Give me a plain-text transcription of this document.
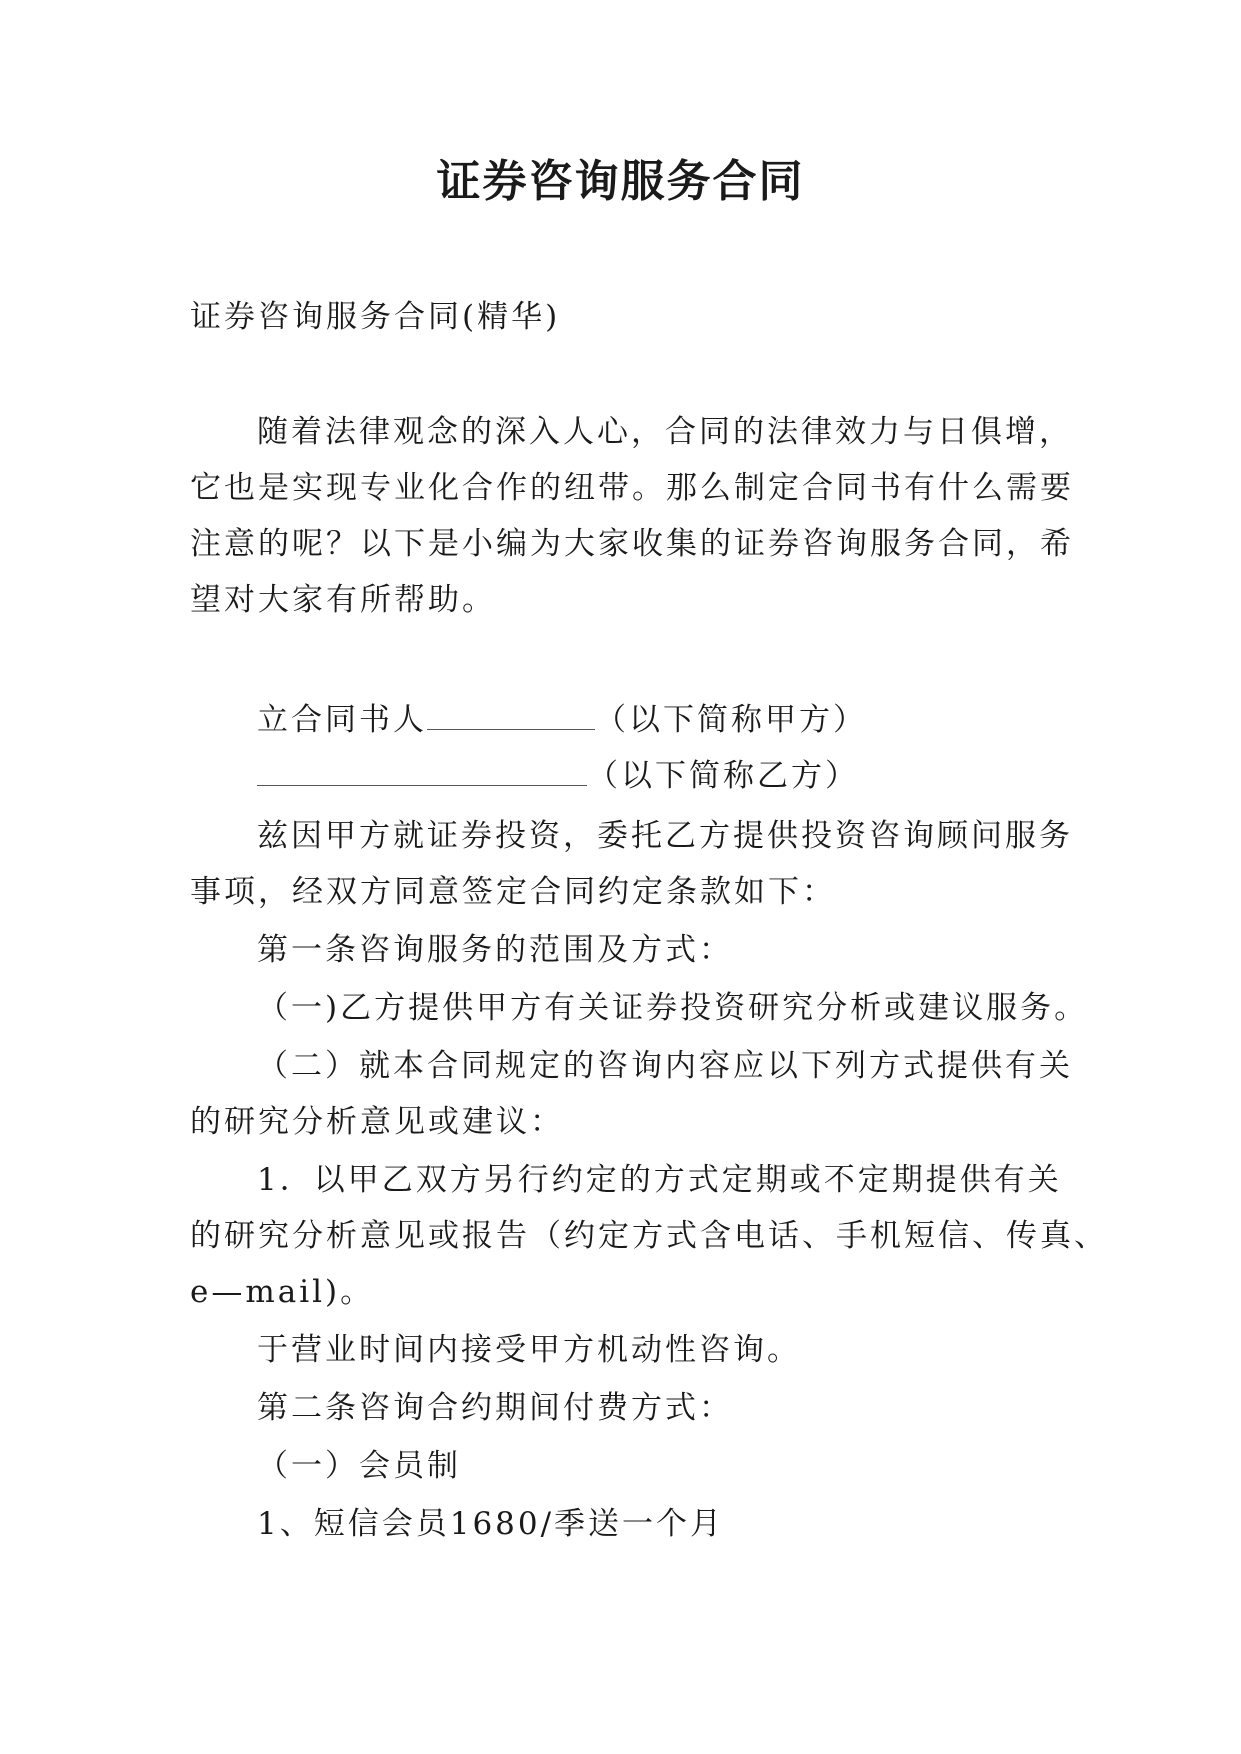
证券咨询服务合同

证券咨询服务合同(精华)

随着法律观念的深入人心，合同的法律效力与日俱增，

它也是实现专业化合作的纽带。那么制定合同书有什么需要

注意的呢？以下是小编为大家收集的证券咨询服务合同，希

望对大家有所帮助。

立合同书人	（以下简称甲方）

（以下简称乙方）

兹因甲方就证券投资，委托乙方提供投资咨询顾问服务

事项，经双方同意签定合同约定条款如下：

第一条咨询服务的范围及方式：

（一)乙方提供甲方有关证券投资研究分析或建议服务。

（二）就本合同规定的咨询内容应以下列方式提供有关

的研究分析意见或建议：

1．以甲乙双方另行约定的方式定期或不定期提供有关

的研究分析意见或报告（约定方式含电话、手机短信、传真、

e—mail)。

于营业时间内接受甲方机动性咨询。

第二条咨询合约期间付费方式：

（一）会员制

1、短信会员1680/季送一个月
